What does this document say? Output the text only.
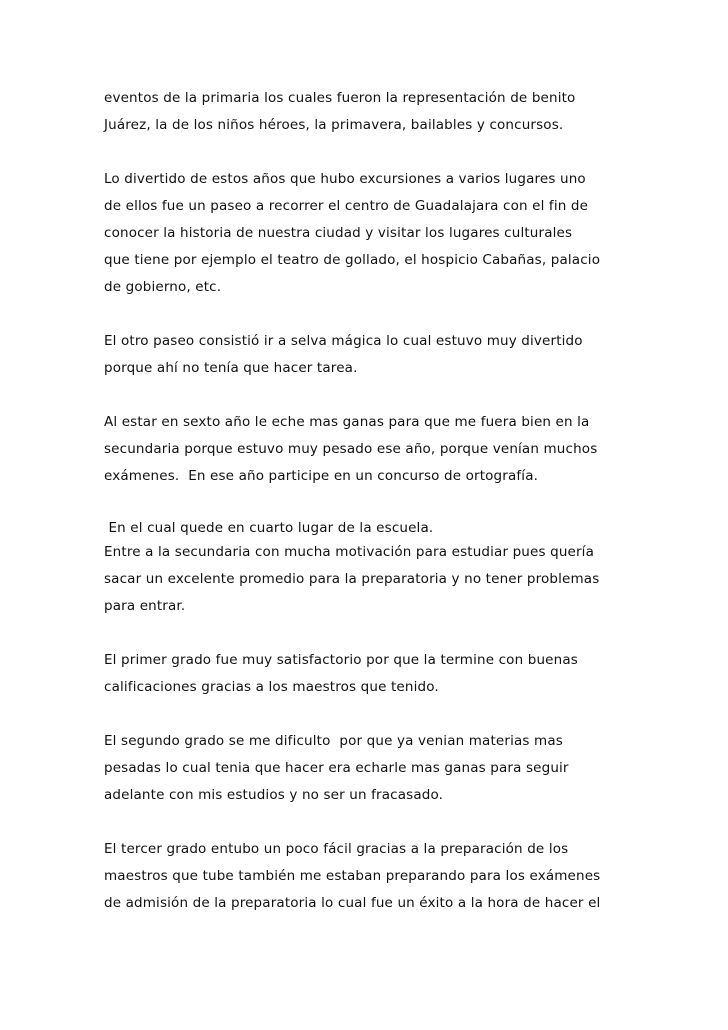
eventos de la primaria los cuales fueron la representación de benito
Juárez, la de los niños héroes, la primavera, bailables y concursos.
Lo divertido de estos años que hubo excursiones a varios lugares uno
de ellos fue un paseo a recorrer el centro de Guadalajara con el fin de
conocer la historia de nuestra ciudad y visitar los lugares culturales
que tiene por ejemplo el teatro de gollado, el hospicio Cabañas, palacio
de gobierno, etc.
El otro paseo consistió ir a selva mágica lo cual estuvo muy divertido
porque ahí no tenía que hacer tarea.
Al estar en sexto año le eche mas ganas para que me fuera bien en la
secundaria porque estuvo muy pesado ese año, porque venían muchos
exámenes.  En ese año participe en un concurso de ortografía.
En el cual quede en cuarto lugar de la escuela.
Entre a la secundaria con mucha motivación para estudiar pues quería
sacar un excelente promedio para la preparatoria y no tener problemas
para entrar.
El primer grado fue muy satisfactorio por que la termine con buenas
calificaciones gracias a los maestros que tenido.
El segundo grado se me dificulto  por que ya venian materias mas
pesadas lo cual tenia que hacer era echarle mas ganas para seguir
adelante con mis estudios y no ser un fracasado.
El tercer grado entubo un poco fácil gracias a la preparación de los
maestros que tube también me estaban preparando para los exámenes
de admisión de la preparatoria lo cual fue un éxito a la hora de hacer el
